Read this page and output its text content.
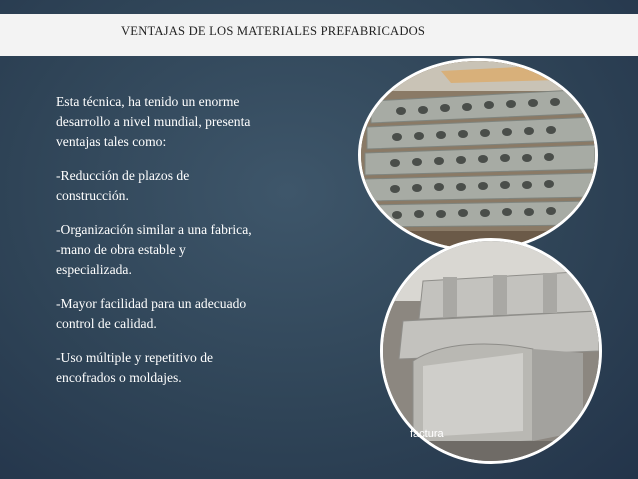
VENTAJAS DE LOS MATERIALES PREFABRICADOS

Esta técnica, ha tenido un enorme
desarrollo a nivel mundial, presenta
ventajas tales como:

-Reducción de plazos de
construcción.

-Organización similar a una fabrica,
-mano de obra estable y
especializada.

-Mayor facilidad para un adecuado
control de calidad.

-Uso múltiple y repetitivo de
encofrados o moldajes.

factura
